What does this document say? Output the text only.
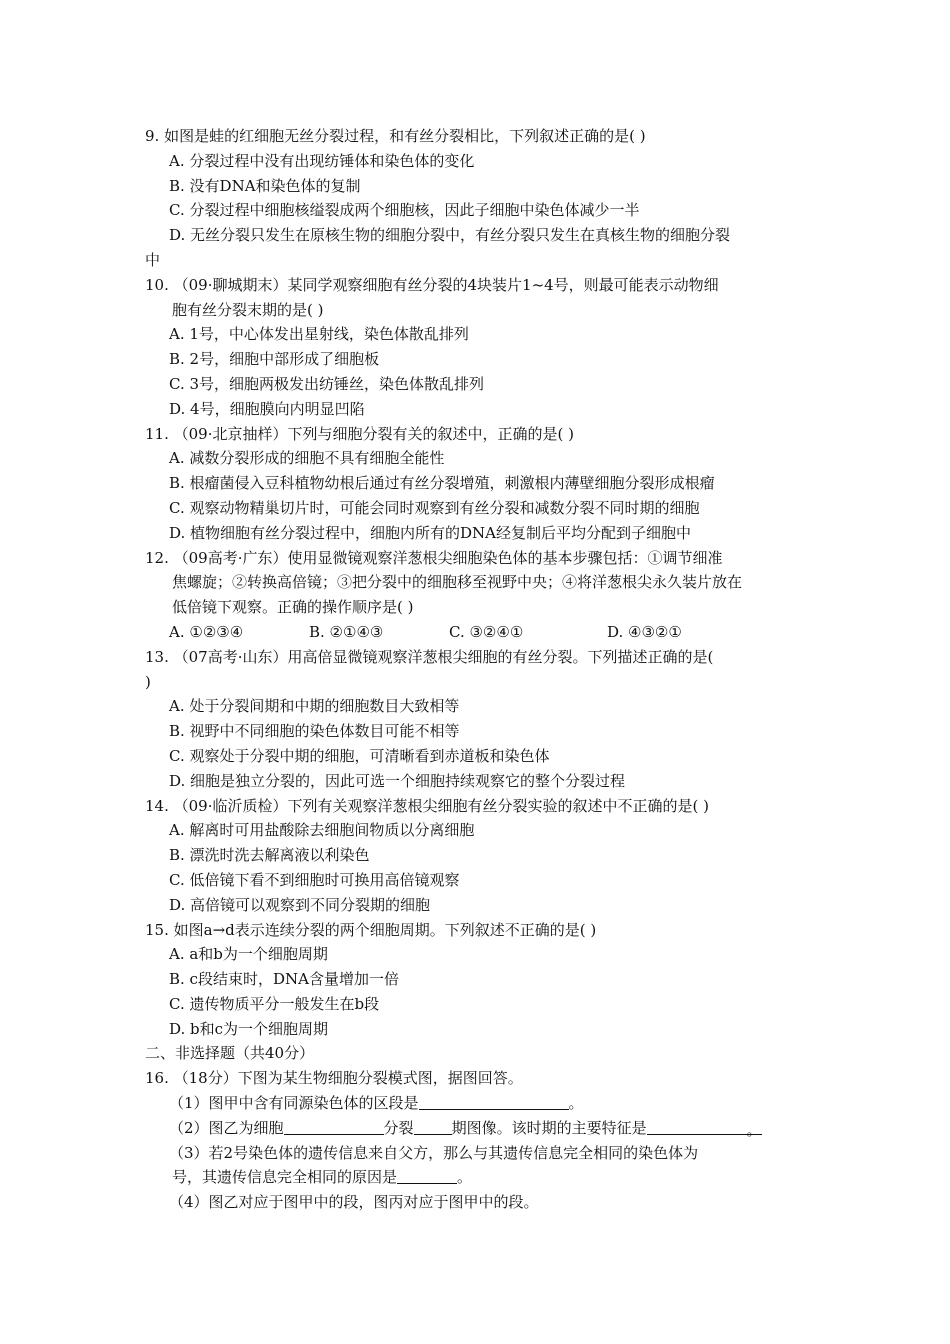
9. 如图是蛙的红细胞无丝分裂过程，和有丝分裂相比，下列叙述正确的是( )
A. 分裂过程中没有出现纺锤体和染色体的变化
B. 没有DNA和染色体的复制
C. 分裂过程中细胞核缢裂成两个细胞核，因此子细胞中染色体减少一半
D. 无丝分裂只发生在原核生物的细胞分裂中，有丝分裂只发生在真核生物的细胞分裂
中
10. （09·聊城期末）某同学观察细胞有丝分裂的4块装片1~4号，则最可能表示动物细
胞有丝分裂末期的是( )
A. 1号，中心体发出星射线，染色体散乱排列
B. 2号，细胞中部形成了细胞板
C. 3号，细胞两极发出纺锤丝，染色体散乱排列
D. 4号，细胞膜向内明显凹陷
11. （09·北京抽样）下列与细胞分裂有关的叙述中，正确的是( )
A. 减数分裂形成的细胞不具有细胞全能性
B. 根瘤菌侵入豆科植物幼根后通过有丝分裂增殖，刺激根内薄壁细胞分裂形成根瘤
C. 观察动物精巢切片时，可能会同时观察到有丝分裂和减数分裂不同时期的细胞
D. 植物细胞有丝分裂过程中，细胞内所有的DNA经复制后平均分配到子细胞中
12. （09高考·广东）使用显微镜观察洋葱根尖细胞染色体的基本步骤包括：①调节细准
焦螺旋；②转换高倍镜；③把分裂中的细胞移至视野中央；④将洋葱根尖永久装片放在
低倍镜下观察。正确的操作顺序是( )
A. ①②③④	B. ②①④③	C. ③②④①	D. ④③②①
13. （07高考·山东）用高倍显微镜观察洋葱根尖细胞的有丝分裂。下列描述正确的是(
)
A. 处于分裂间期和中期的细胞数目大致相等
B. 视野中不同细胞的染色体数目可能不相等
C. 观察处于分裂中期的细胞，可清晰看到赤道板和染色体
D. 细胞是独立分裂的，因此可选一个细胞持续观察它的整个分裂过程
14. （09·临沂质检）下列有关观察洋葱根尖细胞有丝分裂实验的叙述中不正确的是( )
A. 解离时可用盐酸除去细胞间物质以分离细胞
B. 漂洗时洗去解离液以利染色
C. 低倍镜下看不到细胞时可换用高倍镜观察
D. 高倍镜可以观察到不同分裂期的细胞
15. 如图a→d表示连续分裂的两个细胞周期。下列叙述不正确的是( )
A. a和b为一个细胞周期
B. c段结束时，DNA含量增加一倍
C. 遗传物质平分一般发生在b段
D. b和c为一个细胞周期
二、非选择题（共40分）
16. （18分）下图为某生物细胞分裂模式图，据图回答。
（1）图甲中含有同源染色体的区段是	。
（2）图乙为细胞	分裂	期图像。该时期的主要特征是	。
（3）若2号染色体的遗传信息来自父方，那么与其遗传信息完全相同的染色体为
号，其遗传信息完全相同的原因是	。
（4）图乙对应于图甲中的段，图丙对应于图甲中的段。
